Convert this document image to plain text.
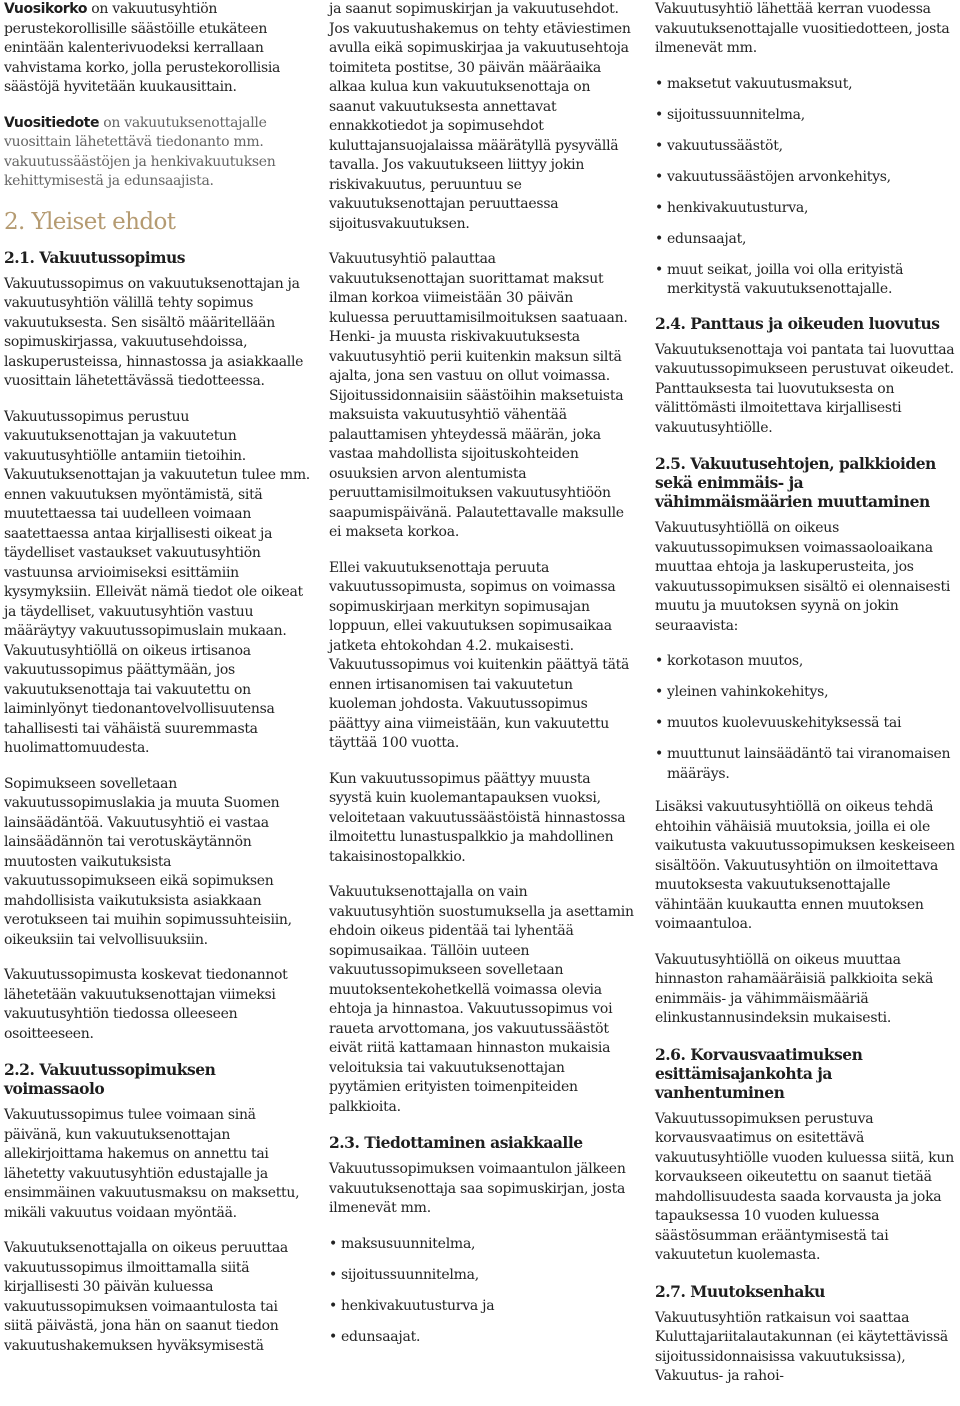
Vuosikorko on vakuutusyhtiön perustekorollisille säästöille etukäteen enintään kalenterivuodeksi kerrallaan vahvistama korko, jolla perustekorollisia säästöjä hyvitetään kuukausittain.

Vuositiedote on vakuutuksenottajalle vuosittain lähetettävä tiedonanto mm. vakuutussäästöjen ja henkivakuutuksen kehittymisestä ja edunsaajista.

2. Yleiset ehdot
2.1. Vakuutussopimus

Vakuutussopimus on vakuutuksenottajan ja vakuutusyhtiön välillä tehty sopimus vakuutuksesta. Sen sisältö määritellään sopimuskirjassa, vakuutusehdoissa, laskuperusteissa, hinnastossa ja asiakkaalle vuosittain lähetettävässä tiedotteessa.

Vakuutussopimus perustuu vakuutuksenottajan ja vakuutetun vakuutusyhtiölle antamiin tietoihin. Vakuutuksenottajan ja vakuutetun tulee mm. ennen vakuutuksen myöntämistä, sitä muutettaessa tai uudelleen voimaan saatettaessa antaa kirjallisesti oikeat ja täydelliset vastaukset vakuutusyhtiön vastuunsa arvioimiseksi esittämiin kysymyksiin. Elleivät nämä tiedot ole oikeat ja täydelliset, vakuutusyhtiön vastuu määräytyy vakuutussopimuslain mukaan. Vakuutusyhtiöllä on oikeus irtisanoa vakuutussopimus päättymään, jos vakuutuksenottaja tai vakuutettu on laiminlyönyt tiedonantovelvollisuutensa tahallisesti tai vähäistä suuremmasta huolimattomuudesta.

Sopimukseen sovelletaan vakuutussopimuslakia ja muuta Suomen lainsäädäntöä. Vakuutusyhtiö ei vastaa lainsäädännön tai verotuskäytännön muutosten vaikutuksista vakuutussopimukseen eikä sopimuksen mahdollisista vaikutuksista asiakkaan verotukseen tai muihin sopimussuhteisiin, oikeuksiin tai velvollisuuksiin.

Vakuutussopimusta koskevat tiedonannot lähetetään vakuutuksenottajan viimeksi vakuutusyhtiön tiedossa olleeseen osoitteeseen.

2.2. Vakuutussopimuksen voimassaolo

Vakuutussopimus tulee voimaan sinä päivänä, kun vakuutuksenottajan allekirjoittama hakemus on annettu tai lähetetty vakuutusyhtiön edustajalle ja ensimmäinen vakuutusmaksu on maksettu, mikäli vakuutus voidaan myöntää.

Vakuutuksenottajalla on oikeus peruuttaa vakuutussopimus ilmoittamalla siitä kirjallisesti 30 päivän kuluessa vakuutussopimuksen voimaantulosta tai siitä päivästä, jona hän on saanut tiedon vakuutushakemuksen hyväksymisestä

ja saanut sopimuskirjan ja vakuutusehdot. Jos vakuutushakemus on tehty etäviestimen avulla eikä sopimuskirjaa ja vakuutusehtoja toimiteta postitse, 30 päivän määräaika alkaa kulua kun vakuutuksenottaja on saanut vakuutuksesta annettavat ennakkotiedot ja sopimusehdot kuluttajansuojalaissa määrätyllä pysyvällä tavalla. Jos vakuutukseen liittyy jokin riskivakuutus, peruuntuu se vakuutuksenottajan peruuttaessa sijoitusvakuutuksen.

Vakuutusyhtiö palauttaa vakuutuksenottajan suorittamat maksut ilman korkoa viimeistään 30 päivän kuluessa peruuttamisilmoituksen saatuaan. Henki- ja muusta riskivakuutuksesta vakuutusyhtiö perii kuitenkin maksun siltä ajalta, jona sen vastuu on ollut voimassa. Sijoitussidonnaisiin säästöihin maksetuista maksuista vakuutusyhtiö vähentää palauttamisen yhteydessä määrän, joka vastaa mahdollista sijoituskohteiden osuuksien arvon alentumista peruuttamisilmoituksen vakuutusyhtiöön saapumispäivänä. Palautettavalle maksulle ei makseta korkoa.

Ellei vakuutuksenottaja peruuta vakuutussopimusta, sopimus on voimassa sopimuskirjaan merkityn sopimusajan loppuun, ellei vakuutuksen sopimusaikaa jatketa ehtokohdan 4.2. mukaisesti. Vakuutussopimus voi kuitenkin päättyä tätä ennen irtisanomisen tai vakuutetun kuoleman johdosta. Vakuutussopimus päättyy aina viimeistään, kun vakuutettu täyttää 100 vuotta.

Kun vakuutussopimus päättyy muusta syystä kuin kuolemantapauksen vuoksi, veloitetaan vakuutussäästöistä hinnastossa ilmoitettu lunastuspalkkio ja mahdollinen takaisinostopalkkio.

Vakuutuksenottajalla on vain vakuutusyhtiön suostumuksella ja asettamin ehdoin oikeus pidentää tai lyhentää sopimusaikaa. Tällöin uuteen vakuutussopimukseen sovelletaan muutoksentekohetkellä voimassa olevia ehtoja ja hinnastoa. Vakuutussopimus voi raueta arvottomana, jos vakuutussäästöt eivät riitä kattamaan hinnaston mukaisia veloituksia tai vakuutuksenottajan pyytämien erityisten toimenpiteiden palkkioita.

2.3. Tiedottaminen asiakkaalle

Vakuutussopimuksen voimaantulon jälkeen vakuutuksenottaja saa sopimuskirjan, josta ilmenevät mm.

• maksusuunnitelma,
• sijoitussuunnitelma,
• henkivakuutusturva ja
• edunsaajat.

Vakuutusyhtiö lähettää kerran vuodessa vakuutuksenottajalle vuositiedotteen, josta ilmenevät mm.

• maksetut vakuutusmaksut,
• sijoitussuunnitelma,
• vakuutussäästöt,
• vakuutussäästöjen arvonkehitys,
• henkivakuutusturva,
• edunsaajat,
• muut seikat, joilla voi olla erityistä merkitystä vakuutuksenottajalle.
2.4. Panttaus ja oikeuden luovutus

Vakuutuksenottaja voi pantata tai luovuttaa vakuutussopimukseen perustuvat oikeudet. Panttauksesta tai luovutuksesta on välittömästi ilmoitettava kirjallisesti vakuutusyhtiölle.

2.5. Vakuutusehtojen, palkkioiden sekä enimmäis- ja vähimmäismäärien muuttaminen

Vakuutusyhtiöllä on oikeus vakuutussopimuksen voimassaoloaikana muuttaa ehtoja ja laskuperusteita, jos vakuutussopimuksen sisältö ei olennaisesti muutu ja muutoksen syynä on jokin seuraavista:

• korkotason muutos,
• yleinen vahinkokehitys,
• muutos kuolevuuskehityksessä tai
• muuttunut lainsäädäntö tai viranomaisen määräys.

Lisäksi vakuutusyhtiöllä on oikeus tehdä ehtoihin vähäisiä muutoksia, joilla ei ole vaikutusta vakuutussopimuksen keskeiseen sisältöön. Vakuutusyhtiön on ilmoitettava muutoksesta vakuutuksenottajalle vähintään kuukautta ennen muutoksen voimaantuloa.

Vakuutusyhtiöllä on oikeus muuttaa hinnaston rahamääräisiä palkkioita sekä enimmäis- ja vähimmäismääriä elinkustannusindeksin mukaisesti.

2.6. Korvausvaatimuksen esittämisajankohta ja vanhentuminen

Vakuutussopimuksen perustuva korvausvaatimus on esitettävä vakuutusyhtiölle vuoden kuluessa siitä, kun korvaukseen oikeutettu on saanut tietää mahdollisuudesta saada korvausta ja joka tapauksessa 10 vuoden kuluessa säästösumman erääntymisestä tai vakuutetun kuolemasta.

2.7. Muutoksenhaku

Vakuutusyhtiön ratkaisun voi saattaa Kuluttajariitalautakunnan (ei käytettävissä sijoitussidonnaisissa vakuutuksissa), Vakuutus- ja rahoi-
